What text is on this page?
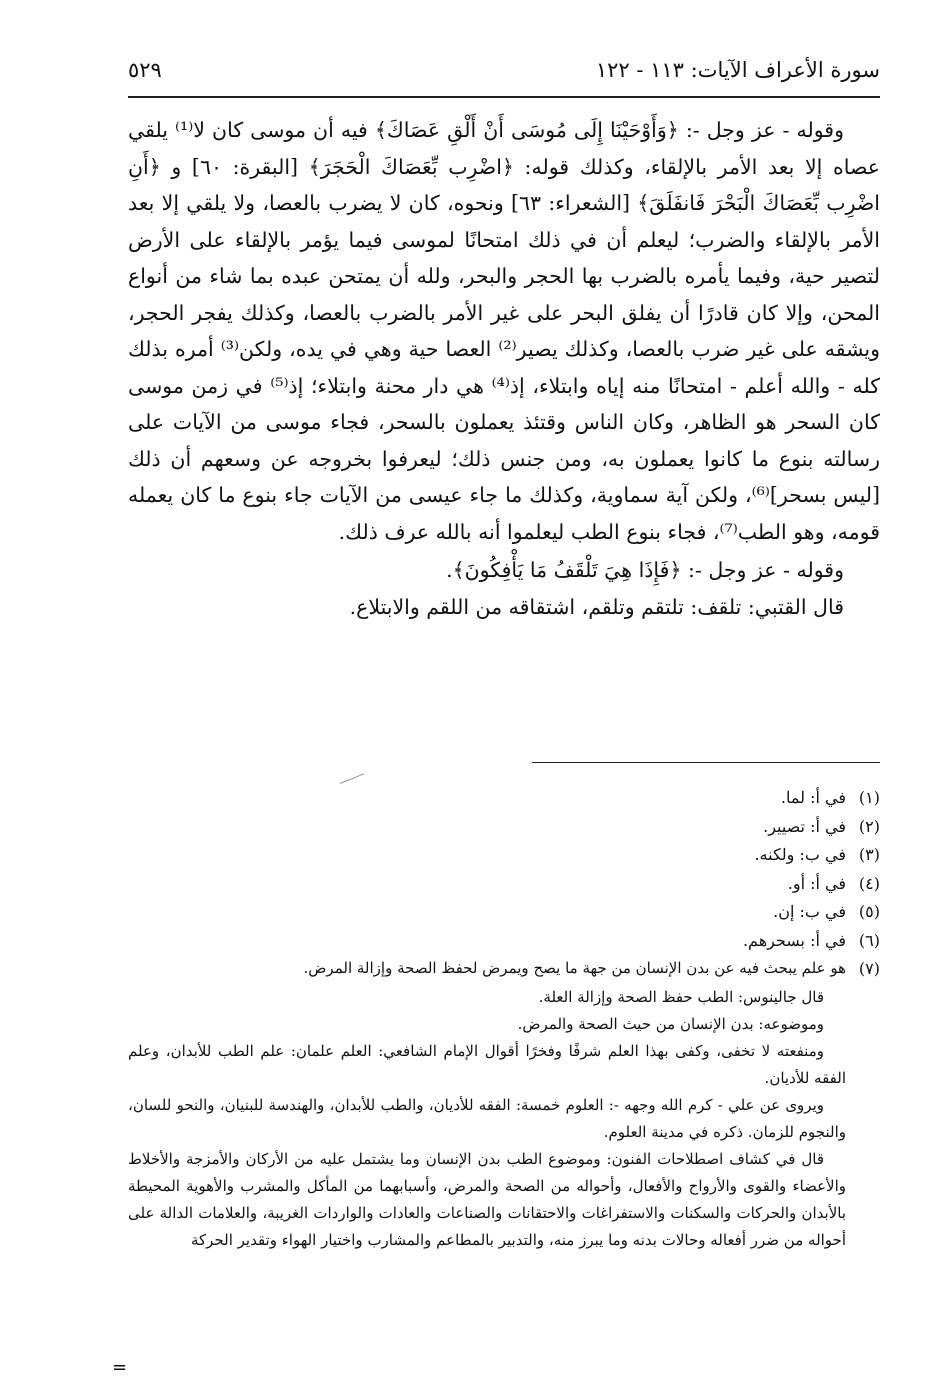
سورة الأعراف الآيات: ١١٣ - ١٢٢
٥٢٩

وقوله - عز وجل -: ﴿وَأَوْحَيْنَا إِلَى مُوسَى أَنْ أَلْقِ عَصَاكَ﴾ فيه أن موسى كان لا⁽¹⁾ يلقي عصاه إلا بعد الأمر بالإلقاء، وكذلك قوله: ﴿اضْرِب بِّعَصَاكَ الْحَجَرَ﴾ [البقرة: ٦٠] و ﴿أَنِ اضْرِب بِّعَصَاكَ الْبَحْرَ فَانفَلَقَ﴾ [الشعراء: ٦٣] ونحوه، كان لا يضرب بالعصا، ولا يلقي إلا بعد الأمر بالإلقاء والضرب؛ ليعلم أن في ذلك امتحانًا لموسى فيما يؤمر بالإلقاء على الأرض لتصير حية، وفيما يأمره بالضرب بها الحجر والبحر، ولله أن يمتحن عبده بما شاء من أنواع المحن، وإلا كان قادرًا أن يفلق البحر على غير الأمر بالضرب بالعصا، وكذلك يفجر الحجر، ويشقه على غير ضرب بالعصا، وكذلك يصير⁽²⁾ العصا حية وهي في يده، ولكن⁽³⁾ أمره بذلك كله - والله أعلم - امتحانًا منه إياه وابتلاء، إذ⁽⁴⁾ هي دار محنة وابتلاء؛ إذ⁽⁵⁾ في زمن موسى كان السحر هو الظاهر، وكان الناس وقتئذ يعملون بالسحر، فجاء موسى من الآيات على رسالته بنوع ما كانوا يعملون به، ومن جنس ذلك؛ ليعرفوا بخروجه عن وسعهم أن ذلك [ليس بسحر]⁽⁶⁾، ولكن آية سماوية، وكذلك ما جاء عيسى من الآيات جاء بنوع ما كان يعمله قومه، وهو الطب⁽⁷⁾، فجاء بنوع الطب ليعلموا أنه بالله عرف ذلك.

وقوله - عز وجل -: ﴿فَإِذَا هِيَ تَلْقَفُ مَا يَأْفِكُونَ﴾.

قال القتبي: تلقف: تلتقم وتلقم، اشتقاقه من اللقم والابتلاع.

(١)
في أ: لما.
(٢)
في أ: تصيير.
(٣)
في ب: ولكنه.
(٤)
في أ: أو.
(٥)
في ب: إن.
(٦)
في أ: بسحرهم.
(٧)
هو علم يبحث فيه عن بدن الإنسان من جهة ما يصح ويمرض لحفظ الصحة وإزالة المرض.

قال جالينوس: الطب حفظ الصحة وإزالة العلة.

وموضوعه: بدن الإنسان من حيث الصحة والمرض.

ومنفعته لا تخفى، وكفى بهذا العلم شرفًا وفخرًا أقوال الإمام الشافعي: العلم علمان: علم الطب للأبدان، وعلم الفقه للأديان.

ويروى عن علي - كرم الله وجهه -: العلوم خمسة: الفقه للأديان، والطب للأبدان، والهندسة للبنيان، والنحو للسان، والنجوم للزمان. ذكره في مدينة العلوم.

قال في كشاف اصطلاحات الفنون: وموضوع الطب بدن الإنسان وما يشتمل عليه من الأركان والأمزجة والأخلاط والأعضاء والقوى والأرواح والأفعال، وأحواله من الصحة والمرض، وأسبابهما من المأكل والمشرب والأهوية المحيطة بالأبدان والحركات والسكنات والاستفراغات والاحتقانات والصناعات والعادات والواردات الغريبة، والعلامات الدالة على أحواله من ضرر أفعاله وحالات بدنه وما يبرز منه، والتدبير بالمطاعم والمشارب واختيار الهواء وتقدير الحركة

=
